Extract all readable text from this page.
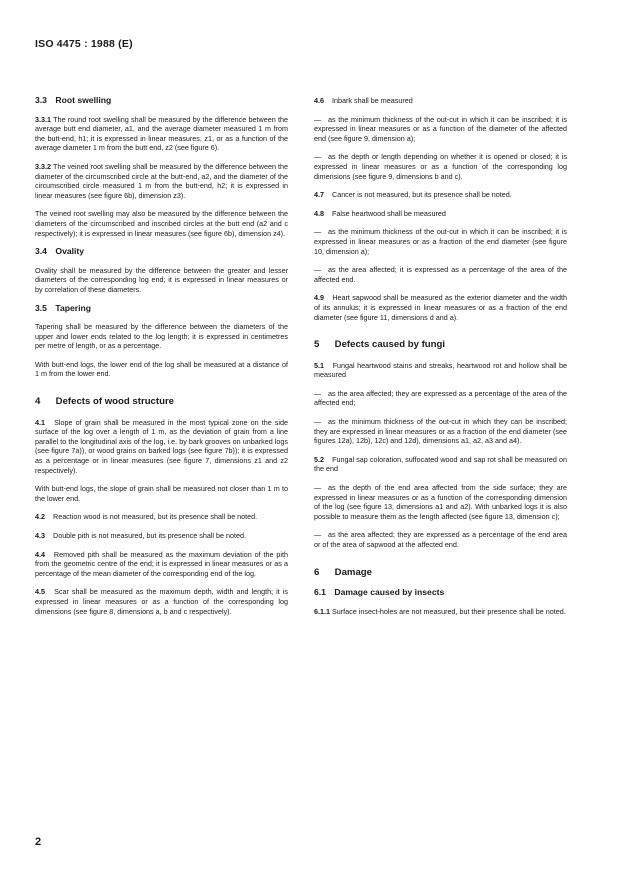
ISO 4475 : 1988 (E)
3.3 Root swelling
3.3.1 The round root swelling shall be measured by the difference between the average butt end diameter, a1, and the average diameter measured 1 m from the butt-end, h1; it is expressed in linear measures, z1, or as a function of the average diameter 1 m from the butt end, z2 (see figure 6).
3.3.2 The veined root swelling shall be measured by the difference between the diameter of the circumscribed circle at the butt-end, a2, and the diameter of the circumscribed circle measured 1 m from the butt-end, h2; it is expressed in linear measures (see figure 6b), dimension z3).

The veined root swelling may also be measured by the difference between the diameters of the circumscribed and inscribed circles at the butt end (a2 and c respectively); it is expressed in linear measures (see figure 6b), dimension z4).

3.4 Ovality

Ovality shall be measured by the difference between the greater and lesser diameters of the corresponding log end; it is expressed in linear measures or by correlation of these diameters.

3.5 Tapering

Tapering shall be measured by the difference between the diameters of the upper and lower ends related to the log length; it is expressed in centimetres per metre of length, or as a percentage.

With butt-end logs, the lower end of the log shall be measured at a distance of 1 m from the lower end.

4 Defects of wood structure
4.1 Slope of grain shall be measured in the most typical zone on the side surface of the log over a length of 1 m, as the deviation of grain from a line parallel to the longitudinal axis of the log, i.e. by bark grooves on unbarked logs (see figure 7a)), or wood grains on barked logs (see figure 7b)); it is expressed as a percentage or in linear measures (see figure 7, dimensions z1 and z2 respectively).

With butt-end logs, the slope of grain shall be measured not closer than 1 m to the lower end.

4.2 Reaction wood is not measured, but its presence shall be noted.
4.3 Double pith is not measured, but its presence shall be noted.
4.4 Removed pith shall be measured as the maximum deviation of the pith from the geometric centre of the end; it is expressed in linear measures or as a percentage of the mean diameter of the corresponding end of the log.
4.5 Scar shall be measured as the maximum depth, width and length; it is expressed in linear measures or as a function of the corresponding log dimensions (see figure 8, dimensions a, b and c respectively).
4.6 Inbark shall be measured
— as the minimum thickness of the out-cut in which it can be inscribed; it is expressed in linear measures or as a function of the diameter of the affected end (see figure 9, dimension a);
— as the depth or length depending on whether it is opened or closed; it is expressed in linear measures or as a function of the corresponding log dimensions (see figure 9, dimensions b and c).
4.7 Cancer is not measured, but its presence shall be noted.
4.8 False heartwood shall be measured
— as the minimum thickness of the out-cut in which it can be inscribed; it is expressed in linear measures or as a fraction of the end diameter (see figure 10, dimension a);
— as the area affected; it is expressed as a percentage of the area of the affected end.
4.9 Heart sapwood shall be measured as the exterior diameter and the width of its annulus; it is expressed in linear measures or as a fraction of the end diameter (see figure 11, dimensions d and a).
5 Defects caused by fungi
5.1 Fungal heartwood stains and streaks, heartwood rot and hollow shall be measured
— as the area affected; they are expressed as a percentage of the area of the affected end;
— as the minimum thickness of the out-cut in which they can be inscribed; they are expressed in linear measures or as a fraction of the end diameter (see figures 12a), 12b), 12c) and 12d), dimensions a1, a2, a3 and a4).
5.2 Fungal sap coloration, suffocated wood and sap rot shall be measured on the end
— as the depth of the end area affected from the side surface; they are expressed in linear measures or as a function of the corresponding dimension of the log (see figure 13, dimensions a1 and a2). With unbarked logs it is also possible to measure them as the length affected (see figure 13, dimension c);
— as the area affected; they are expressed as a percentage of the end area or of the area of sapwood at the affected end.
6 Damage
6.1 Damage caused by insects
6.1.1 Surface insect-holes are not measured, but their presence shall be noted.
2
